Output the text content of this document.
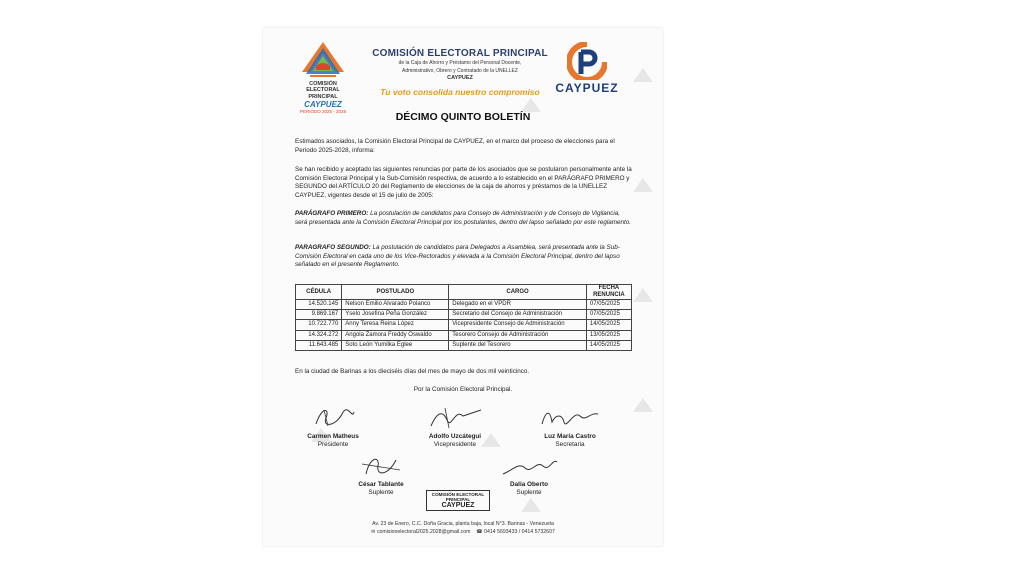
COMISIÓN ELECTORAL
PRINCIPAL
CAYPUEZ
PERIODO 2025 - 2028
COMISIÓN ELECTORAL PRINCIPAL
de la Caja de Ahorro y Préstamo del Personal Docente,
Administrativo, Obrero y Contratado de la UNELLEZ
CAYPUEZ
Tu voto consolida nuestro compromiso	CAYPUEZ
DÉCIMO QUINTO BOLETÍN
Estimados asociados, la Comisión Electoral Principal de CAYPUEZ, en el marco del proceso de elecciones para el Periodo 2025-2028, informa:
Se han recibido y aceptado las siguientes renuncias por parte de los asociados que se postularon personalmente ante la Comisión Electoral Principal y la Sub-Comisión respectiva, de acuerdo a lo establecido en el PARÁGRAFO PRIMERO y SEGUNDO del ARTÍCULO 20 del Reglamento de elecciones de la caja de ahorros y préstamos de la UNELLEZ CAYPUEZ, vigentes desde el 15 de julio de 2005:
PARÁGRAFO PRIMERO: La postulación de candidatos para Consejo de Administración y de Consejo de Vigilancia, será presentada ante la Comisión Electoral Principal por los postulantes, dentro del lapso señalado por este reglamento.
PARAGRAFO SEGUNDO: La postulación de candidatos para Delegados a Asamblea, será presentada ante la Sub-Comisión Electoral en cada uno de los Vice-Rectorados y elevada a la Comisión Electoral Principal, dentro del lapso señalado en el presente Reglamento.
CÉDULA	POSTULADO	CARGO	FECHA RENUNCIA
14.520.145	Nelson Emilio Alvarado Polanco	Delegado en el VPDR	07/05/2025
9.869.167	Yselo Josefina Peña González	Secretario del Consejo de Administración	07/05/2025
10.722.770	Anny Teresa Reina López	Vicepresidente Consejo de Administración	14/05/2025
14.324.272	Angola Zamora Freddy Oswaldo	Tesorero Consejo de Administración	13/05/2025
11.643.485	Soto León Yumilka Eglee	Suplente del Tesorero	14/05/2025
En la ciudad de Barinas a los dieciséis días del mes de mayo de dos mil veinticinco.
Por la Comisión Electoral Principal.
Carmen Matheus
Presidente
Adolfo Uzcátegui
Vicepresidente
Luz María Castro
Secretaria
César Tablante
Suplente
Dalia Oberto
Suplente
COMISIÓN ELECTORAL PRINCIPAL
CAYPUEZ
Av. 23 de Enero, C.C. Doña Gracia, planta baja, local N°3. Barinas - Venezuela
✉ comisionelectoral2025.2028@gmail.com ☎ 0414 5693433 / 0414 5732607
